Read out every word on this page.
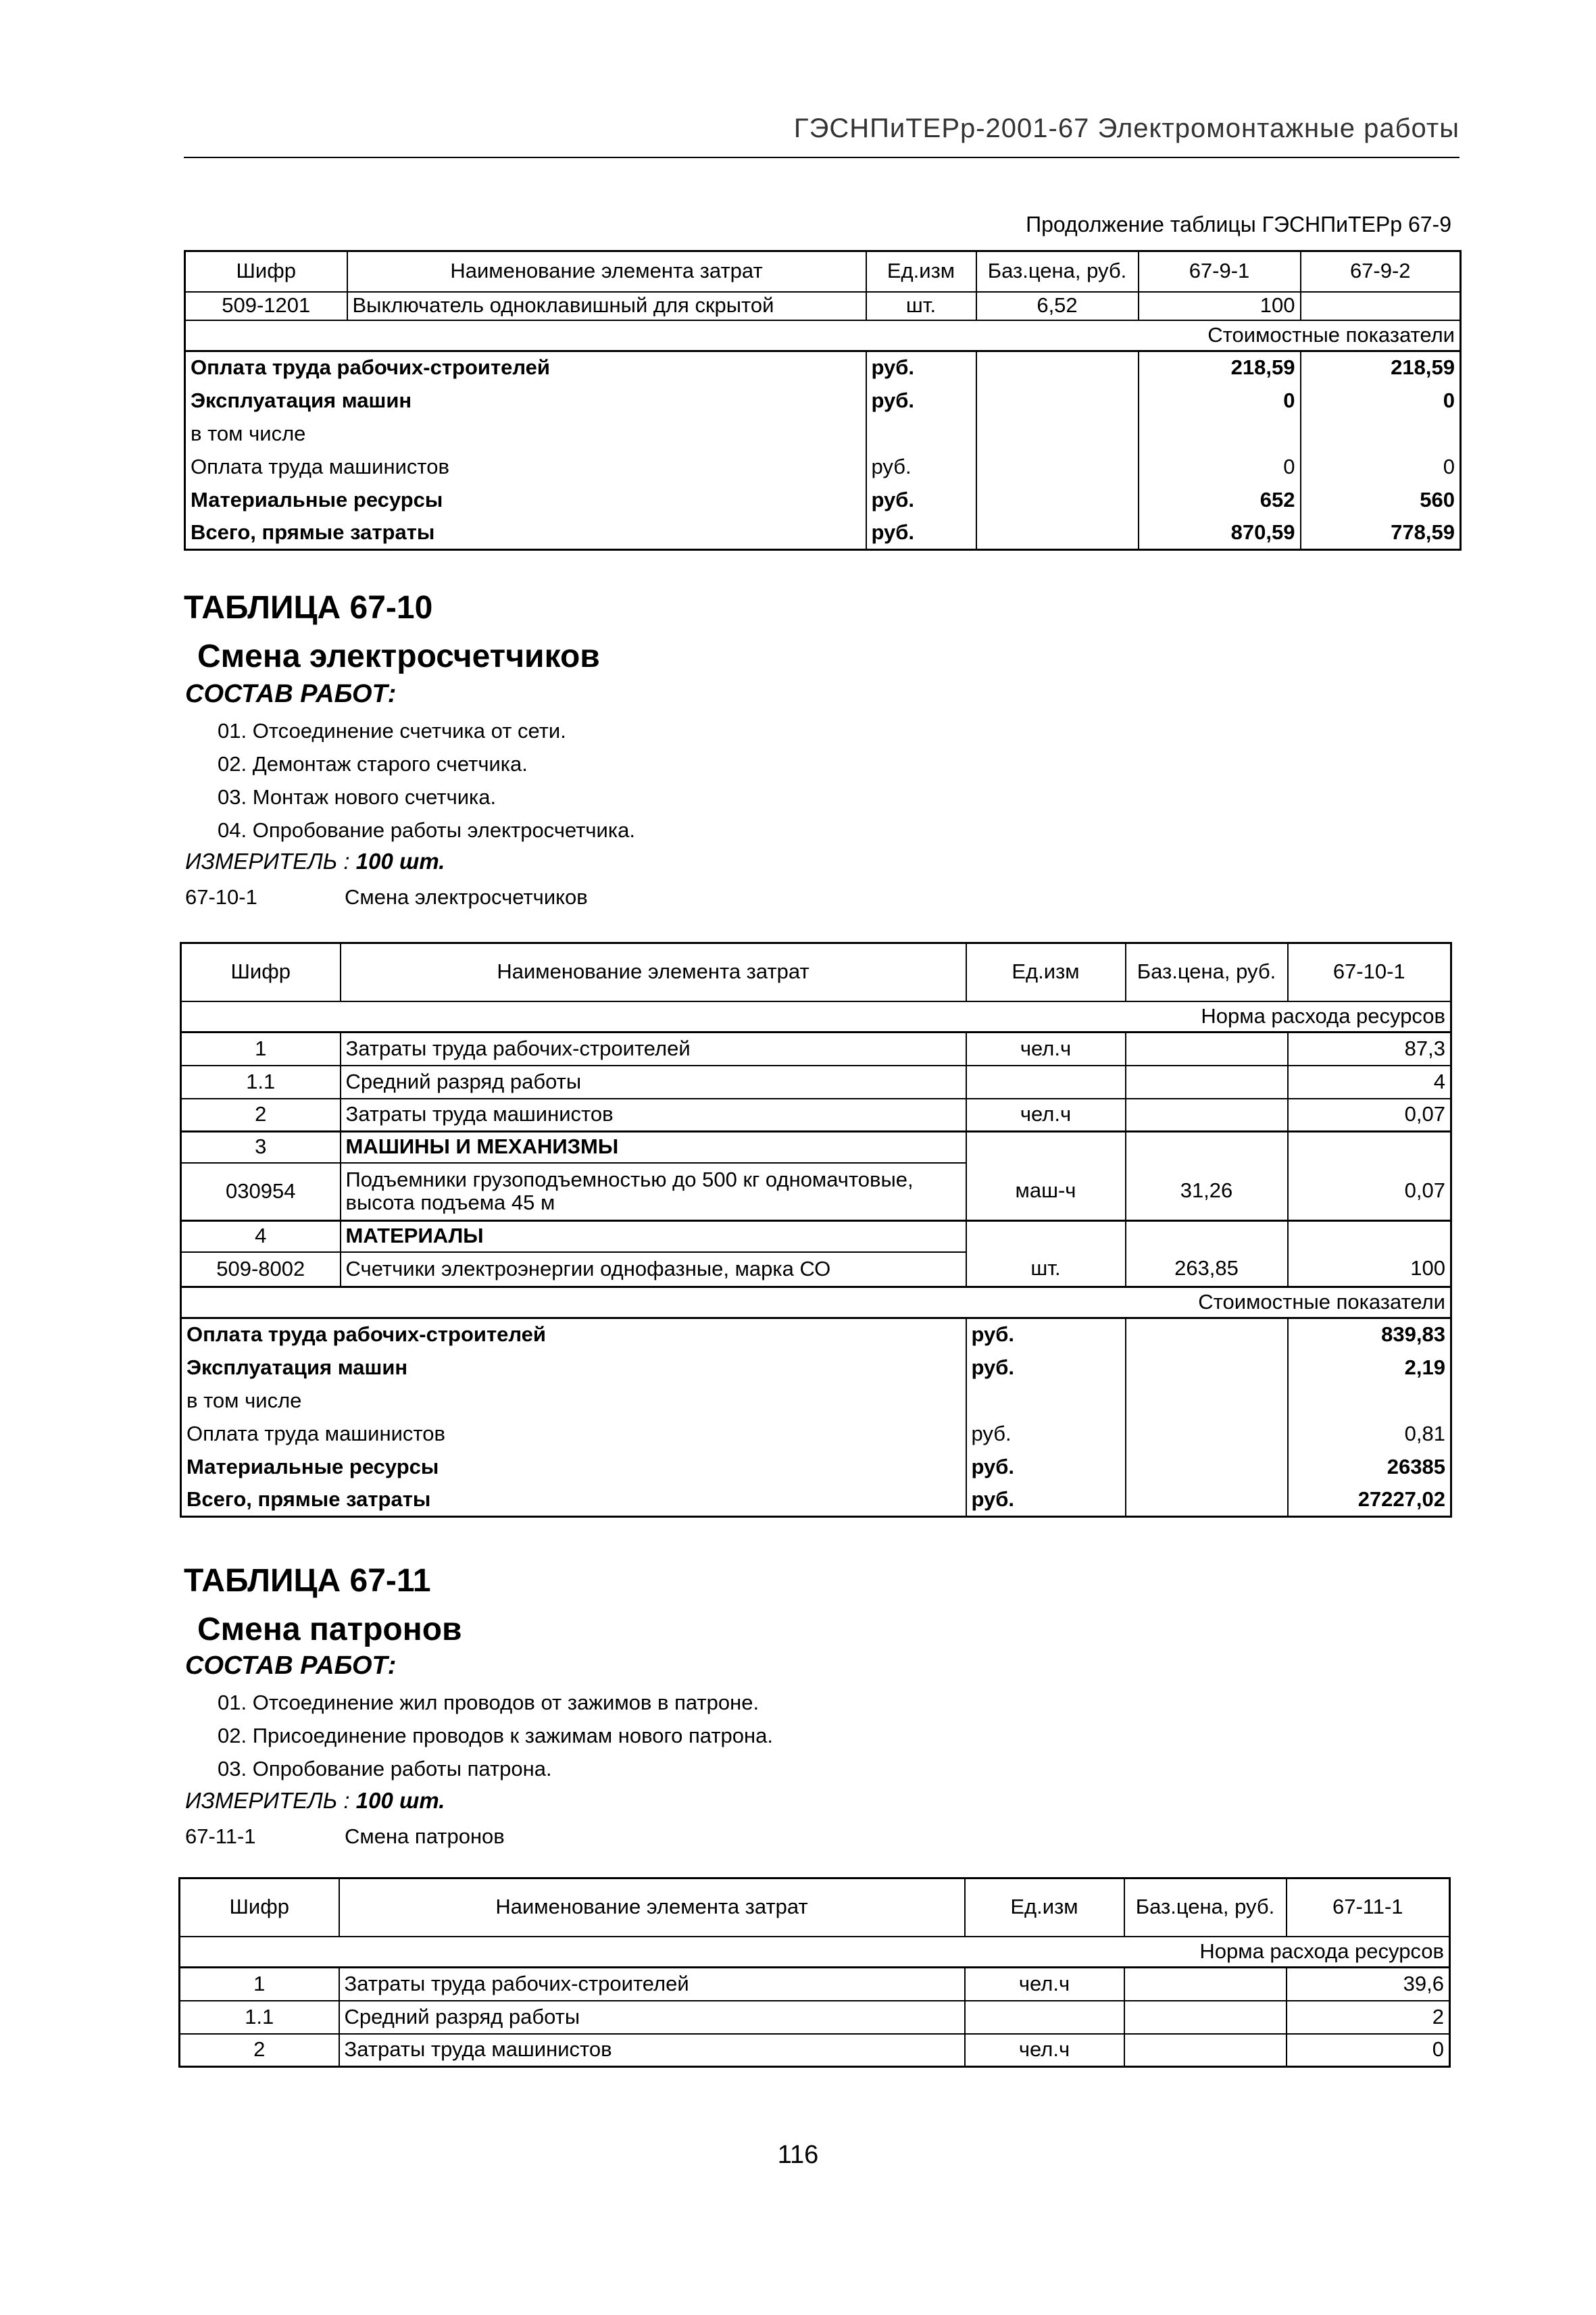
ГЭСНПиТЕРр-2001-67 Электромонтажные работы
Продолжение таблицы ГЭСНПиТЕРр 67-9
Шифр	Наименование элемента затрат	Ед.изм	Баз.цена, руб.	67-9-1	67-9-2
509-1201	Выключатель одноклавишный для скрытой	шт.	6,52	100	
Стоимостные показатели					
Оплата труда рабочих-строителей		руб.		218,59	218,59
Эксплуатация машин		руб.		0	0
в том числе					
Оплата труда машинистов		руб.		0	0
Материальные ресурсы		руб.		652	560
Всего, прямые затраты		руб.		870,59	778,59
ТАБЛИЦА 67-10
Смена электросчетчиков
СОСТАВ РАБОТ:
01. Отсоединение счетчика от сети.
02. Демонтаж старого счетчика.
03. Монтаж нового счетчика.
04. Опробование работы электросчетчика.
ИЗМЕРИТЕЛЬ : 100 шт.
67-10-1	Смена электросчетчиков
Шифр	Наименование элемента затрат	Ед.изм	Баз.цена, руб.	67-10-1
Норма расхода ресурсов				
1	Затраты труда рабочих-строителей	чел.ч		87,3
1.1	Средний разряд работы			4
2	Затраты труда машинистов	чел.ч		0,07
3	МАШИНЫ И МЕХАНИЗМЫ			
030954	Подъемники грузоподъемностью до 500 кг одномачтовые, высота подъема 45 м	маш-ч	31,26	0,07
4	МАТЕРИАЛЫ			
509-8002	Счетчики электроэнергии однофазные, марка СО	шт.	263,85	100
Стоимостные показатели				
Оплата труда рабочих-строителей		руб.		839,83
Эксплуатация машин		руб.		2,19
в том числе				
Оплата труда машинистов		руб.		0,81
Материальные ресурсы		руб.		26385
Всего, прямые затраты		руб.		27227,02
ТАБЛИЦА 67-11
Смена патронов
СОСТАВ РАБОТ:
01. Отсоединение жил проводов от зажимов в патроне.
02. Присоединение проводов к зажимам нового патрона.
03. Опробование работы патрона.
ИЗМЕРИТЕЛЬ : 100 шт.
67-11-1	Смена патронов
Шифр	Наименование элемента затрат	Ед.изм	Баз.цена, руб.	67-11-1
Норма расхода ресурсов				
1	Затраты труда рабочих-строителей	чел.ч		39,6
1.1	Средний разряд работы			2
2	Затраты труда машинистов	чел.ч		0
116
